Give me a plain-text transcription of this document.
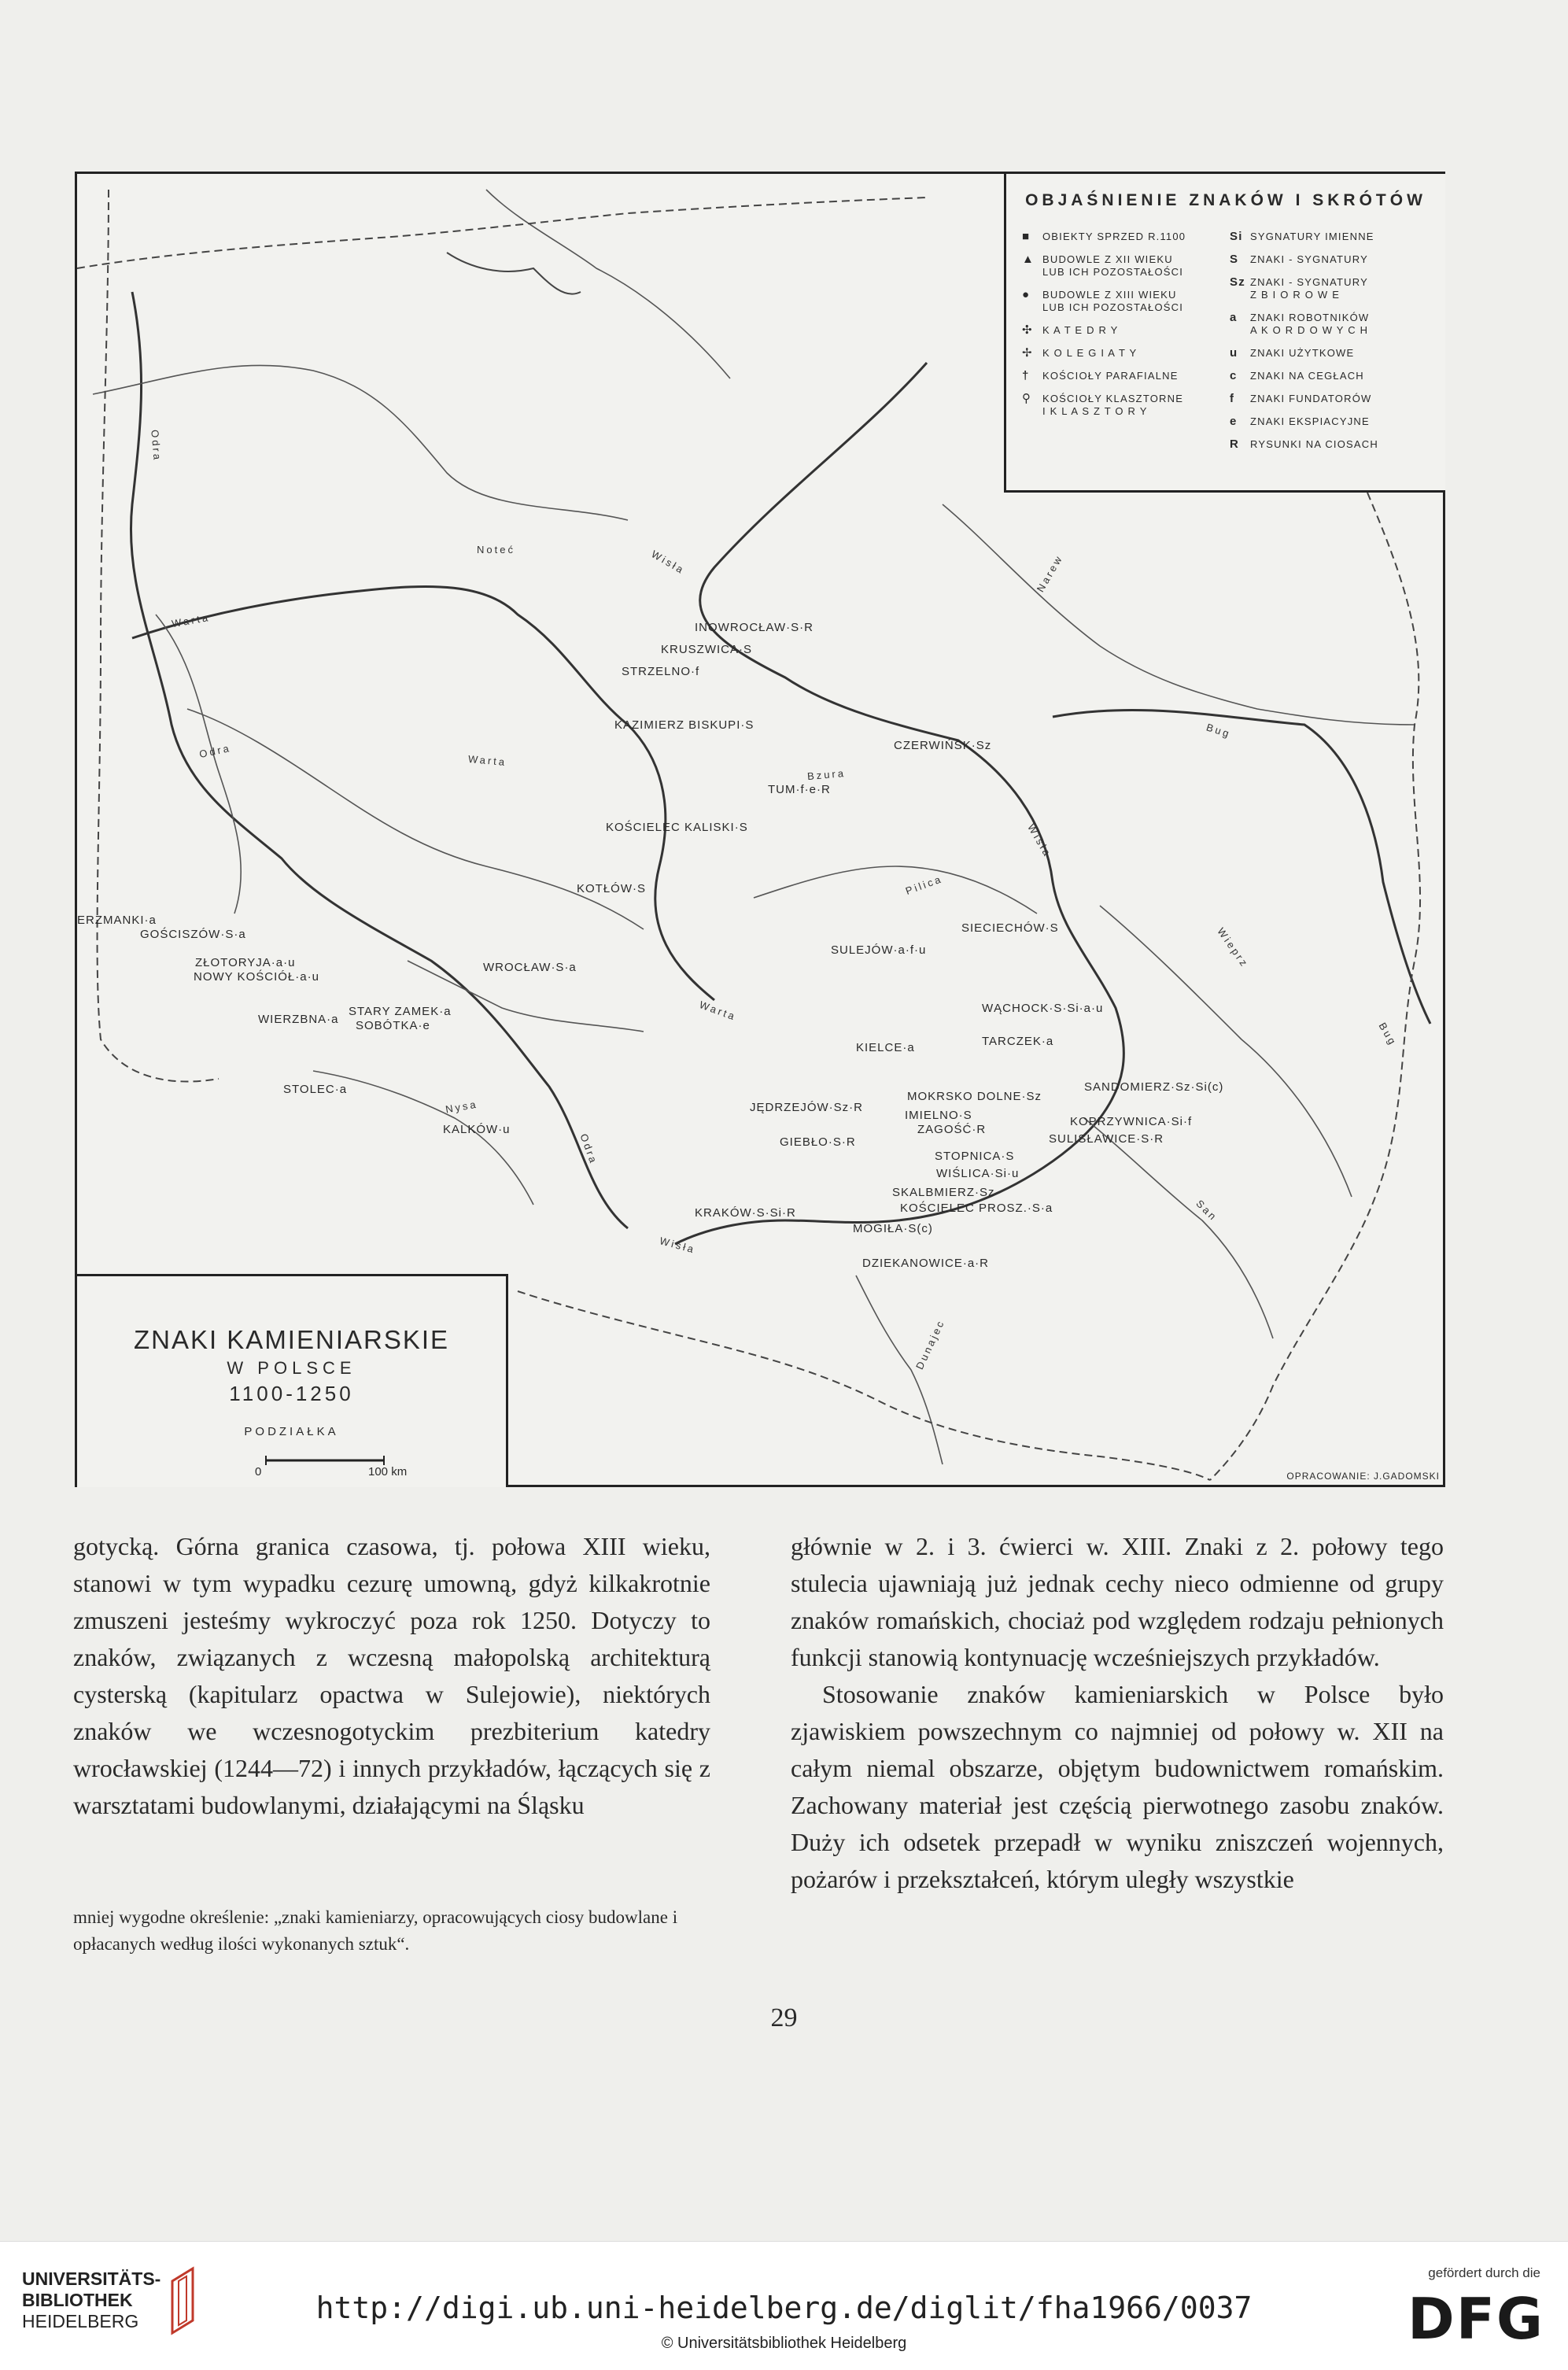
OBJAŚNIENIE ZNAKÓW I SKRÓTÓW
■	OBIEKTY SPRZED R.1100
▲ BUDOWLE Z XII WIEKU
LUB ICH POZOSTAŁOŚCI
●	BUDOWLE Z XIII WIEKU
LUB ICH POZOSTAŁOŚCI
✣ K A T E D R Y
✢ K O L E G I A T Y
†	KOŚCIOŁY PARAFIALNE
⚲	KOŚCIOŁY KLASZTORNE
I K L A S Z T O R Y
Si SYGNATURY IMIENNE
S	ZNAKI - SYGNATURY
Sz ZNAKI - SYGNATURY
Z B I O R O W E
a	ZNAKI ROBOTNIKÓW
A K O R D O W Y C H
u	ZNAKI UŻYTKOWE
c	ZNAKI NA CEGŁACH
f	ZNAKI FUNDATORÓW
e	ZNAKI EKSPIACYJNE
R	RYSUNKI NA CIOSACH
INOWROCŁAW·S·R
KRUSZWICA·S
STRZELNO·f
KAZIMIERZ BISKUPI·S
CZERWIŃSK·Sz
TUM·f·e·R
KOŚCIELEC KALISKI·S
KOTŁÓW·S
ERZMANKI·a
GOŚCISZÓW·S·a
ZŁOTORYJA·a·u
NOWY KOŚCIÓŁ·a·u
WROCŁAW·S·a
STARY ZAMEK·a
SOBÓTKA·e
WIERZBNA·a
STOLEC·a
KALKÓW·u
SIECIECHÓW·S
SULEJÓW·a·f·u
WĄCHOCK·S·Si·a·u
TARCZEK·a
KIELCE·a
SANDOMIERZ·Sz·Si(c)
MOKRSKO DOLNE·Sz
JĘDRZEJÓW·Sz·R
IMIELNO·S
ZAGOŚĆ·R
KOPRZYWNICA·Si·f
GIEBŁO·S·R	SULISŁAWICE·S·R
STOPNICA·S
WIŚLICA·Si·u
SKALBMIERZ·Sz
KOŚCIELEC PROSZ.·S·a
KRAKÓW·S·Si·R
MOGIŁA·S(c)
DZIEKANOWICE·a·R
Odra
Noteć	Wisła
Warta
Narew
Odra
Warta
Bug
Bzura
Wisła
Pilica
Wieprz
Bug
Warta
Nysa
Odra
San
Wisła
Dunajec
ZNAKI KAMIENIARSKIE
W POLSCE
1100-1250
PODZIAŁKA
0	100 km	OPRACOWANIE: J.GADOMSKI

gotycką. Górna granica czasowa, tj. połowa XIII wieku, stanowi w tym wypadku cezurę umowną, gdyż kilkakrotnie zmuszeni jesteśmy wykroczyć poza rok 1250. Dotyczy to znaków, związanych z wczesną małopolską architekturą cysterską (kapitularz opactwa w Sulejowie), niektórych znaków we wczesnogotyckim prezbiterium katedry wrocławskiej (1244—72) i innych przykładów, łączących się z warsztatami budowlanymi, działającymi na Śląsku

mniej wygodne określenie: „znaki kamieniarzy, opracowujących ciosy budowlane i opłacanych według ilości wykonanych sztuk“.

głównie w 2. i 3. ćwierci w. XIII. Znaki z 2. połowy tego stulecia ujawniają już jednak cechy nieco odmienne od grupy znaków romańskich, chociaż pod względem rodzaju pełnionych funkcji stanowią kontynuację wcześniejszych przykładów.

Stosowanie znaków kamieniarskich w Polsce było zjawiskiem powszechnym co najmniej od połowy w. XII na całym niemal obszarze, objętym budownictwem romańskim. Zachowany materiał jest częścią pierwotnego zasobu znaków. Duży ich odsetek przepadł w wyniku zniszczeń wojennych, pożarów i przekształceń, którym uległy wszystkie

29
UNIVERSITÄTS-
BIBLIOTHEK
HEIDELBERG	http://digi.ub.uni-heidelberg.de/diglit/fha1966/0037
© Universitätsbibliothek Heidelberg
gefördert durch die
DFG
